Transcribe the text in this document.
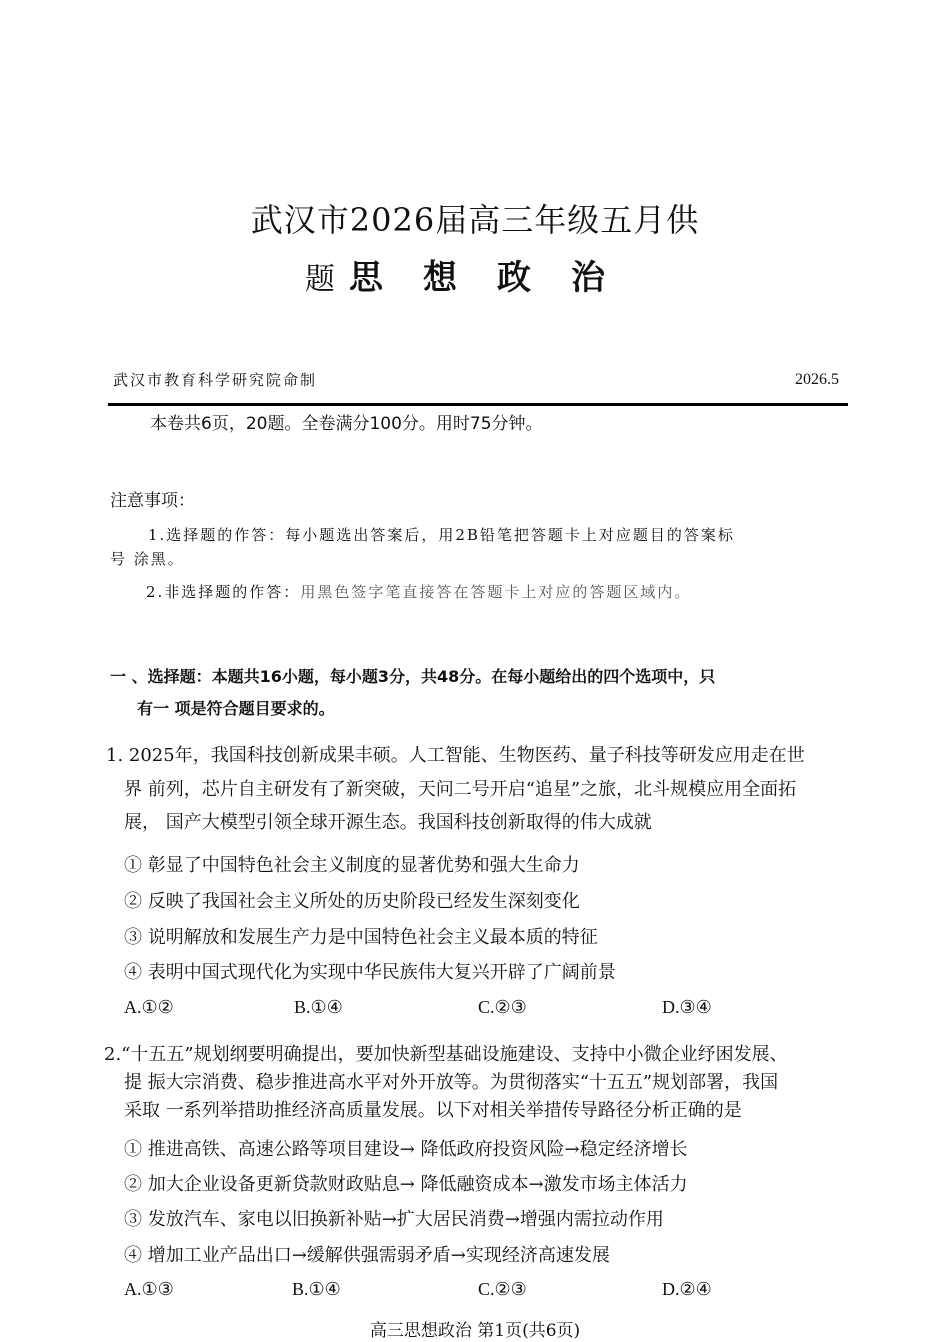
武汉市2026届高三年级五月供
题 思想政治
武汉市教育科学研究院命制	2026.5
本卷共6页，20题。全卷满分100分。用时75分钟。
注意事项：
1.选择题的作答：每小题选出答案后，用2B铅笔把答题卡上对应题目的答案标
号 涂黑。
2.非选择题的作答：用黑色签字笔直接答在答题卡上对应的答题区域内。
一 、选择题：本题共16小题，每小题3分，共48分。在每小题给出的四个选项中，只
有一 项是符合题目要求的。
1. 2025年，我国科技创新成果丰硕。人工智能、生物医药、量子科技等研发应用走在世
界 前列，芯片自主研发有了新突破，天问二号开启“追星”之旅，北斗规模应用全面拓
展， 国产大模型引领全球开源生态。我国科技创新取得的伟大成就
① 彰显了中国特色社会主义制度的显著优势和强大生命力
② 反映了我国社会主义所处的历史阶段已经发生深刻变化
③ 说明解放和发展生产力是中国特色社会主义最本质的特征
④ 表明中国式现代化为实现中华民族伟大复兴开辟了广阔前景
A.①②	B.①④	C.②③	D.③④
2.“十五五”规划纲要明确提出，要加快新型基础设施建设、支持中小微企业纾困发展、
提 振大宗消费、稳步推进高水平对外开放等。为贯彻落实“十五五”规划部署，我国
采取 一系列举措助推经济高质量发展。以下对相关举措传导路径分析正确的是
① 推进高铁、高速公路等项目建设→ 降低政府投资风险→稳定经济增长
② 加大企业设备更新贷款财政贴息→ 降低融资成本→激发市场主体活力
③ 发放汽车、家电以旧换新补贴→扩大居民消费→增强内需拉动作用
④ 增加工业产品出口→缓解供强需弱矛盾→实现经济高速发展
A.①③	B.①④	C.②③	D.②④
高三思想政治 第1页(共6页)
